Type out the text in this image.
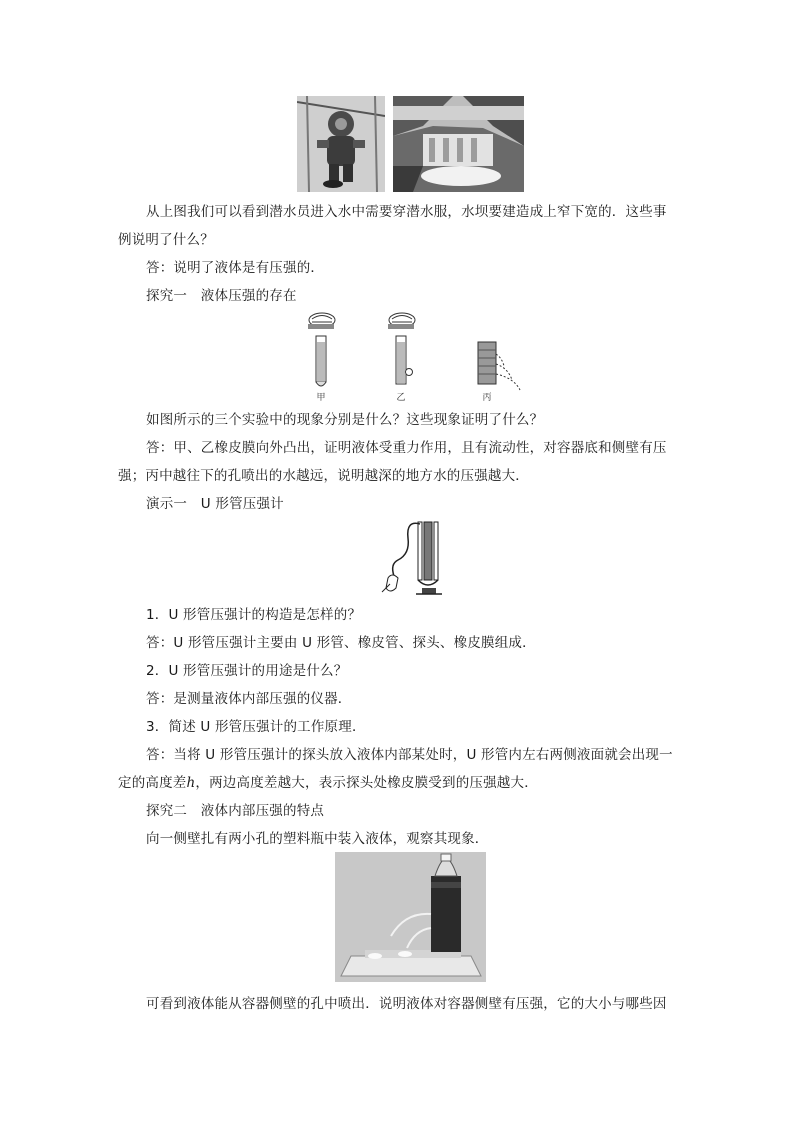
从上图我们可以看到潜水员进入水中需要穿潜水服，水坝要建造成上窄下宽的．这些事例说明了什么？

答：说明了液体是有压强的．

探究一　液体压强的存在

甲	乙	丙

如图所示的三个实验中的现象分别是什么？这些现象证明了什么？

答：甲、乙橡皮膜向外凸出，证明液体受重力作用，且有流动性，对容器底和侧壁有压强；丙中越往下的孔喷出的水越远，说明越深的地方水的压强越大．

演示一　U 形管压强计

1．U 形管压强计的构造是怎样的？

答：U 形管压强计主要由 U 形管、橡皮管、探头、橡皮膜组成．

2．U 形管压强计的用途是什么？

答：是测量液体内部压强的仪器．

3．简述 U 形管压强计的工作原理．

答：当将 U 形管压强计的探头放入液体内部某处时，U 形管内左右两侧液面就会出现一定的高度差h，两边高度差越大，表示探头处橡皮膜受到的压强越大．

探究二　液体内部压强的特点

向一侧壁扎有两小孔的塑料瓶中装入液体，观察其现象．

可看到液体能从容器侧壁的孔中喷出．说明液体对容器侧壁有压强，它的大小与哪些因
